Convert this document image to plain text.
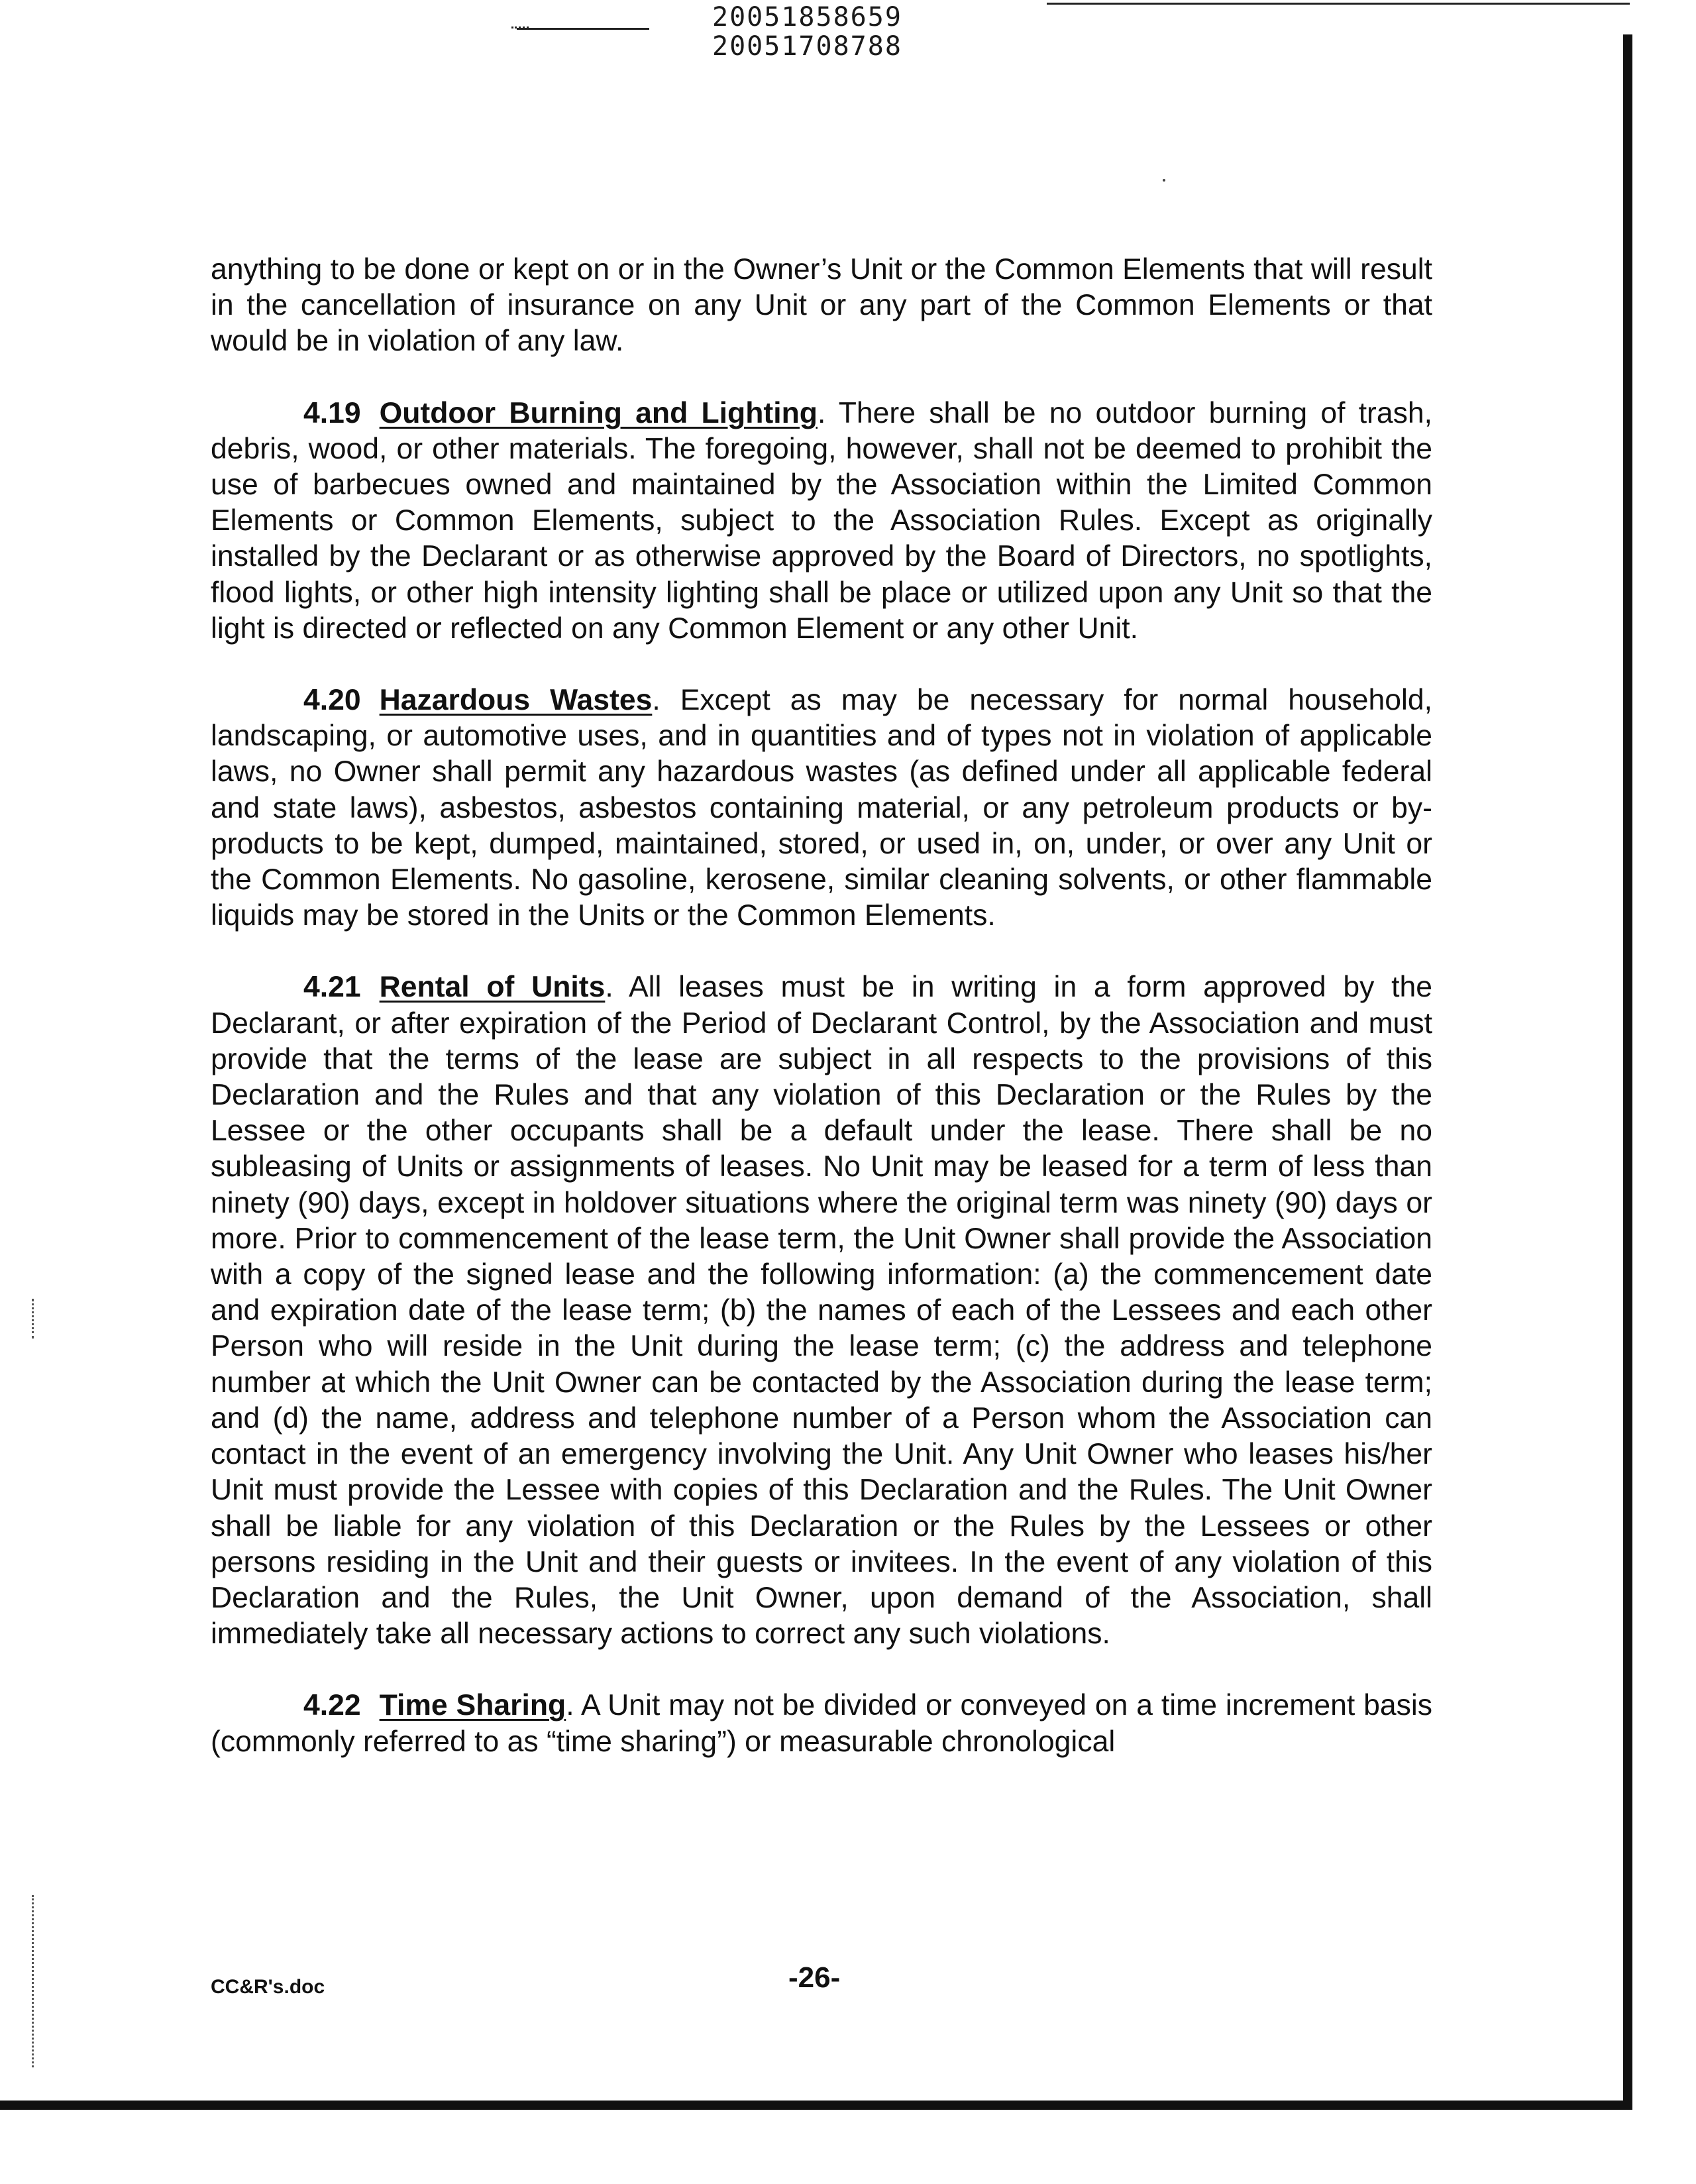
20051858659
20051708788

anything to be done or kept on or in the Owner’s Unit or the Common Elements that will result in the cancellation of insurance on any Unit or any part of the Common Elements or that would be in violation of any law.

4.19 Outdoor Burning and Lighting. There shall be no outdoor burning of trash, debris, wood, or other materials. The foregoing, however, shall not be deemed to prohibit the use of barbecues owned and maintained by the Association within the Limited Common Elements or Common Elements, subject to the Association Rules. Except as originally installed by the Declarant or as otherwise approved by the Board of Directors, no spotlights, flood lights, or other high intensity lighting shall be place or utilized upon any Unit so that the light is directed or reflected on any Common Element or any other Unit.

4.20 Hazardous Wastes. Except as may be necessary for normal household, landscaping, or automotive uses, and in quantities and of types not in violation of applicable laws, no Owner shall permit any hazardous wastes (as defined under all applicable federal and state laws), asbestos, asbestos containing material, or any petroleum products or by-products to be kept, dumped, maintained, stored, or used in, on, under, or over any Unit or the Common Elements. No gasoline, kerosene, similar cleaning solvents, or other flammable liquids may be stored in the Units or the Common Elements.

4.21 Rental of Units. All leases must be in writing in a form approved by the Declarant, or after expiration of the Period of Declarant Control, by the Association and must provide that the terms of the lease are subject in all respects to the provisions of this Declaration and the Rules and that any violation of this Declaration or the Rules by the Lessee or the other occupants shall be a default under the lease. There shall be no subleasing of Units or assignments of leases. No Unit may be leased for a term of less than ninety (90) days, except in holdover situations where the original term was ninety (90) days or more. Prior to commencement of the lease term, the Unit Owner shall provide the Association with a copy of the signed lease and the following information: (a) the commencement date and expiration date of the lease term; (b) the names of each of the Lessees and each other Person who will reside in the Unit during the lease term; (c) the address and telephone number at which the Unit Owner can be contacted by the Association during the lease term; and (d) the name, address and telephone number of a Person whom the Association can contact in the event of an emergency involving the Unit. Any Unit Owner who leases his/her Unit must provide the Lessee with copies of this Declaration and the Rules. The Unit Owner shall be liable for any violation of this Declaration or the Rules by the Lessees or other persons residing in the Unit and their guests or invitees. In the event of any violation of this Declaration and the Rules, the Unit Owner, upon demand of the Association, shall immediately take all necessary actions to correct any such violations.

4.22 Time Sharing. A Unit may not be divided or conveyed on a time increment basis (commonly referred to as “time sharing”) or measurable chronological

CC&R's.doc	-26-
